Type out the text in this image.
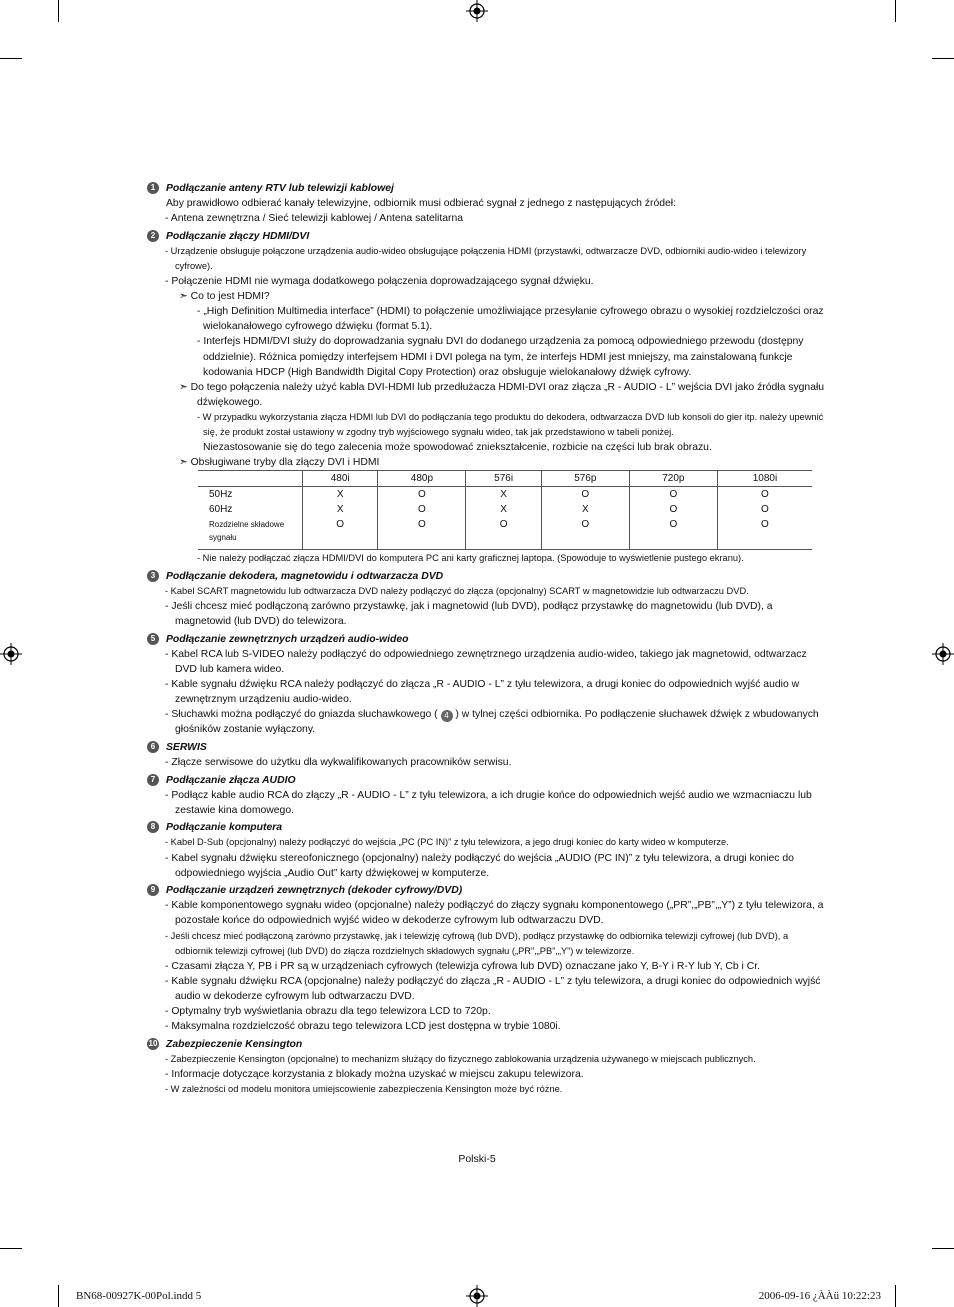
1	Podłączanie anteny RTV lub telewizji kablowej
Aby prawidłowo odbierać kanały telewizyjne, odbiornik musi odbierać sygnał z jednego z następujących źródeł:
- Antena zewnętrzna / Sieć telewizji kablowej / Antena satelitarna
2	Podłączanie złączy HDMI/DVI
- Urządzenie obsługuje połączone urządzenia audio-wideo obsługujące połączenia HDMI (przystawki, odtwarzacze DVD, odbiorniki audio-wideo i telewizory cyfrowe).
- Połączenie HDMI nie wymaga dodatkowego połączenia doprowadzającego sygnał dźwięku.
➣ Co to jest HDMI?
- „High Definition Multimedia interface” (HDMI) to połączenie umożliwiające przesyłanie cyfrowego obrazu o wysokiej rozdzielczości oraz wielokanałowego cyfrowego dźwięku (format 5.1).
- Interfejs HDMI/DVI służy do doprowadzania sygnału DVI do dodanego urządzenia za pomocą odpowiedniego przewodu (dostępny oddzielnie). Różnica pomiędzy interfejsem HDMI i DVI polega na tym, że interfejs HDMI jest mniejszy, ma zainstalowaną funkcje kodowania HDCP (High Bandwidth Digital Copy Protection) oraz obsługuje wielokanałowy dźwięk cyfrowy.
➣ Do tego połączenia należy użyć kabla DVI-HDMI lub przedłużacza HDMI-DVI oraz złącza „R - AUDIO - L” wejścia DVI jako źródła sygnału dźwiękowego.
- W przypadku wykorzystania złącza HDMI lub DVI do podłączania tego produktu do dekodera, odtwarzacza DVD lub konsoli do gier itp. należy upewnić się, że produkt został ustawiony w zgodny tryb wyjściowego sygnału wideo, tak jak przedstawiono w tabeli poniżej.
Niezastosowanie się do tego zalecenia może spowodować zniekształcenie, rozbicie na części lub brak obrazu.
➣ Obsługiwane tryby dla złączy DVI i HDMI
	480i	480p	576i	576p	720p	1080i
50Hz	X	O	X	O	O	O
60Hz	X	O	X	X	O	O
Rozdzielne składowe sygnału	O	O	O	O	O	O
- Nie należy podłączać złącza HDMI/DVI do komputera PC ani karty graficznej laptopa. (Spowoduje to wyświetlenie pustego ekranu).
3	Podłączanie dekodera, magnetowidu i odtwarzacza DVD
- Kabel SCART magnetowidu lub odtwarzacza DVD należy podłączyć do złącza (opcjonalny) SCART w magnetowidzie lub odtwarzaczu DVD.
- Jeśli chcesz mieć podłączoną zarówno przystawkę, jak i magnetowid (lub DVD), podłącz przystawkę do magnetowidu (lub DVD), a magnetowid (lub DVD) do telewizora.
5	Podłączanie zewnętrznych urządzeń audio-wideo
- Kabel RCA lub S-VIDEO należy podłączyć do odpowiedniego zewnętrznego urządzenia audio-wideo, takiego jak magnetowid, odtwarzacz DVD lub kamera wideo.
- Kable sygnału dźwięku RCA należy podłączyć do złącza „R - AUDIO - L” z tyłu telewizora, a drugi koniec do odpowiednich wyjść audio w zewnętrznym urządzeniu audio-wideo.
- Słuchawki można podłączyć do gniazda słuchawkowego ( 4 ) w tylnej części odbiornika. Po podłączenie słuchawek dźwięk z wbudowanych głośników zostanie wyłączony.
6	SERWIS
- Złącze serwisowe do użytku dla wykwalifikowanych pracowników serwisu.
7	Podłączanie złącza AUDIO
- Podłącz kable audio RCA do złączy „R - AUDIO - L” z tyłu telewizora, a ich drugie końce do odpowiednich wejść audio we wzmacniaczu lub zestawie kina domowego.
8	Podłączanie komputera
- Kabel D-Sub (opcjonalny) należy podłączyć do wejścia „PC (PC IN)” z tyłu telewizora, a jego drugi koniec do karty wideo w komputerze.
- Kabel sygnału dźwięku stereofonicznego (opcjonalny) należy podłączyć do wejścia „AUDIO (PC IN)” z tyłu telewizora, a drugi koniec do odpowiedniego wyjścia „Audio Out” karty dźwiękowej w komputerze.
9	Podłączanie urządzeń zewnętrznych (dekoder cyfrowy/DVD)
- Kable komponentowego sygnału wideo (opcjonalne) należy podłączyć do złączy sygnału komponentowego („PR”,„PB”,„Y”) z tyłu telewizora, a pozostałe końce do odpowiednich wyjść wideo w dekoderze cyfrowym lub odtwarzaczu DVD.
- Jeśli chcesz mieć podłączoną zarówno przystawkę, jak i telewizję cyfrową (lub DVD), podłącz przystawkę do odbiornika telewizji cyfrowej (lub DVD), a odbiornik telewizji cyfrowej (lub DVD) do złącza rozdzielnych składowych sygnału („PR”,„PB”,„Y”) w telewizorze.
- Czasami złącza Y, PB i PR są w urządzeniach cyfrowych (telewizja cyfrowa lub DVD) oznaczane jako Y, B-Y i R-Y lub Y, Cb i Cr.
- Kable sygnału dźwięku RCA (opcjonalne) należy podłączyć do złącza „R - AUDIO - L” z tyłu telewizora, a drugi koniec do odpowiednich wyjść audio w dekoderze cyfrowym lub odtwarzaczu DVD.
- Optymalny tryb wyświetlania obrazu dla tego telewizora LCD to 720p.
- Maksymalna rozdzielczość obrazu tego telewizora LCD jest dostępna w trybie 1080i.
10 Zabezpieczenie Kensington
- Zabezpieczenie Kensington (opcjonalne) to mechanizm służący do fizycznego zablokowania urządzenia używanego w miejscach publicznych.
- Informacje dotyczące korzystania z blokady można uzyskać w miejscu zakupu telewizora.
- W zależności od modelu monitora umiejscowienie zabezpieczenia Kensington może być różne.
Polski-5
BN68-00927K-00Pol.indd 5	2006-09-16 ¿ÀÀü 10:22:23
